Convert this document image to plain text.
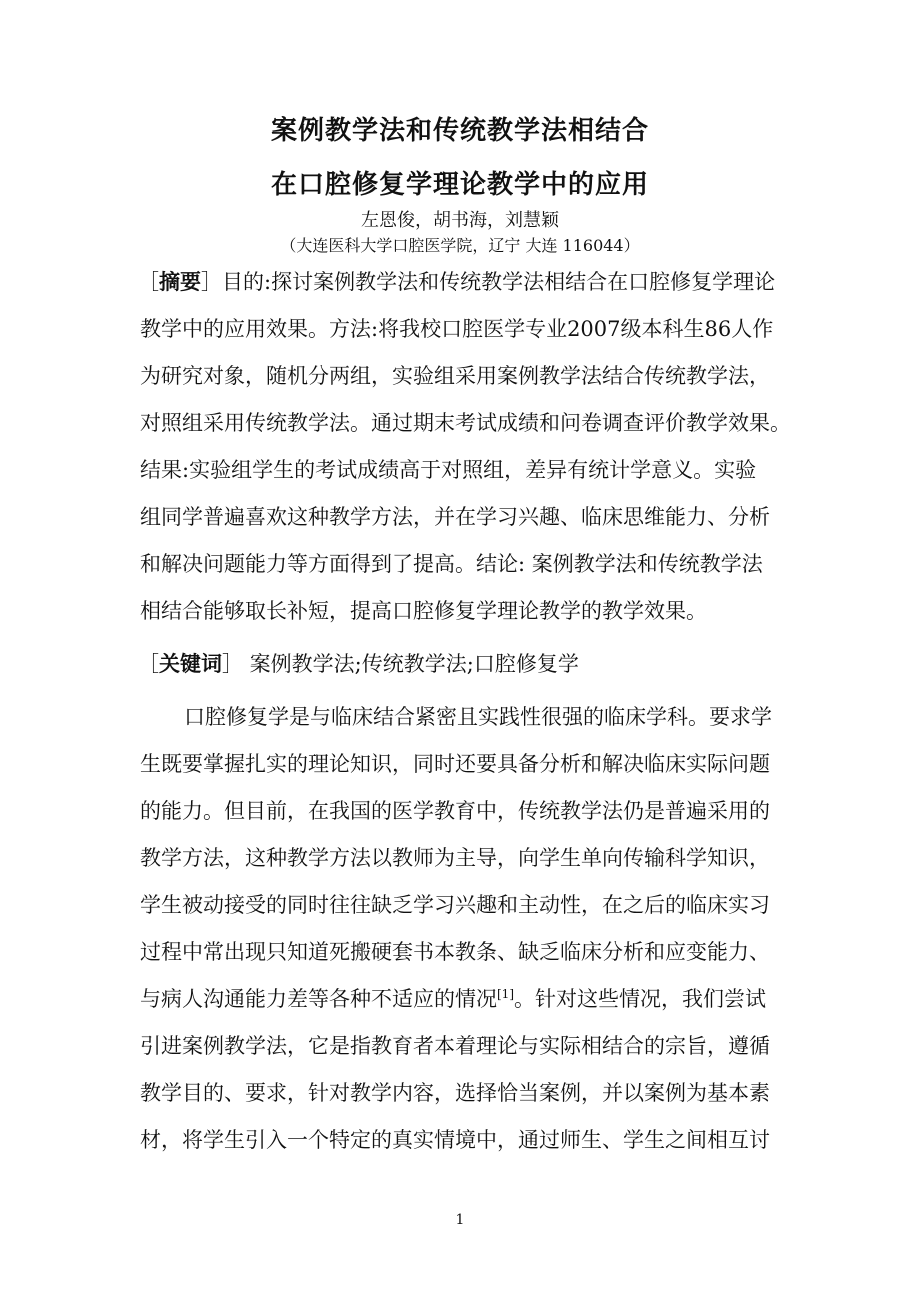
案例教学法和传统教学法相结合
在口腔修复学理论教学中的应用
左恩俊，胡书海，刘慧颖
（大连医科大学口腔医学院，辽宁 大连 116044）
［摘要］目的:探讨案例教学法和传统教学法相结合在口腔修复学理论
教学中的应用效果。方法:将我校口腔医学专业2007级本科生86人作
为研究对象，随机分两组，实验组采用案例教学法结合传统教学法，
对照组采用传统教学法。通过期末考试成绩和问卷调查评价教学效果。
结果:实验组学生的考试成绩高于对照组，差异有统计学意义。实验
组同学普遍喜欢这种教学方法，并在学习兴趣、临床思维能力、分析
和解决问题能力等方面得到了提高。结论: 案例教学法和传统教学法
相结合能够取长补短，提高口腔修复学理论教学的教学效果。
［关键词］ 案例教学法;传统教学法;口腔修复学
口腔修复学是与临床结合紧密且实践性很强的临床学科。要求学
生既要掌握扎实的理论知识，同时还要具备分析和解决临床实际问题
的能力。但目前，在我国的医学教育中，传统教学法仍是普遍采用的
教学方法，这种教学方法以教师为主导，向学生单向传输科学知识，
学生被动接受的同时往往缺乏学习兴趣和主动性，在之后的临床实习
过程中常出现只知道死搬硬套书本教条、缺乏临床分析和应变能力、
与病人沟通能力差等各种不适应的情况[1]。针对这些情况，我们尝试
引进案例教学法，它是指教育者本着理论与实际相结合的宗旨，遵循
教学目的、要求，针对教学内容，选择恰当案例，并以案例为基本素
材，将学生引入一个特定的真实情境中，通过师生、学生之间相互讨
1
